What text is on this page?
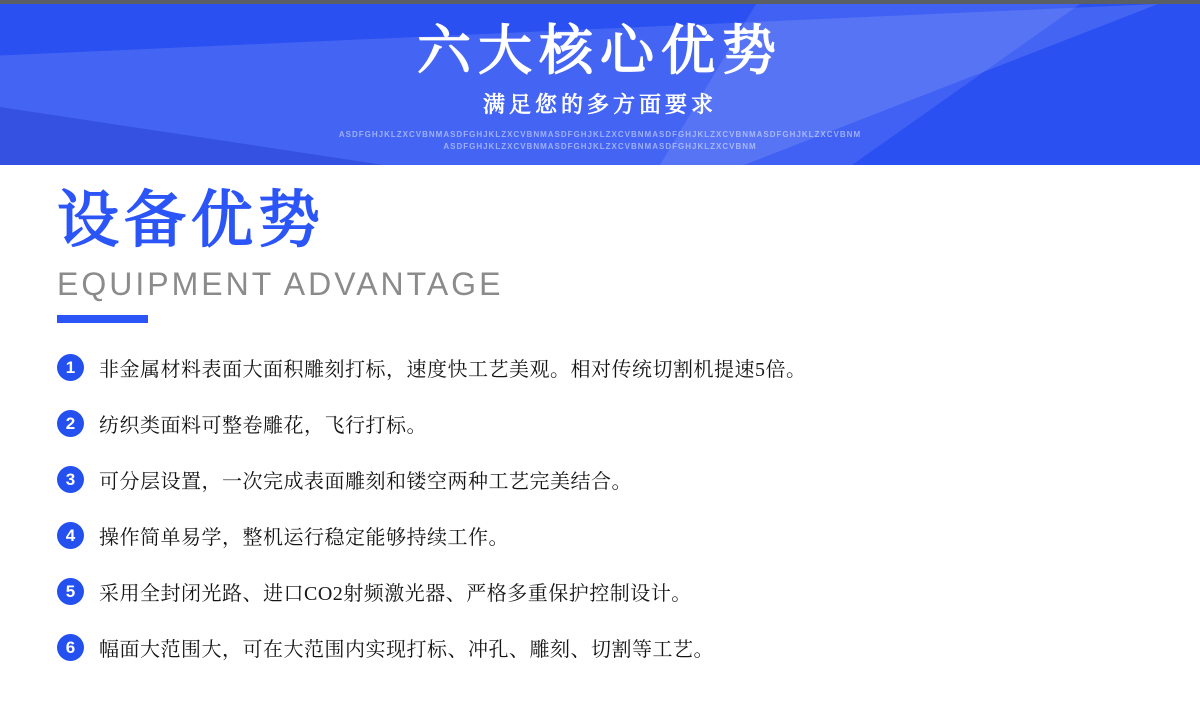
六大核心优势
满足您的多方面要求
ASDFGHJKLZXCVBNMASDFGHJKLZXCVBNMASDFGHJKLZXCVBNMASDFGHJKLZXCVBNMASDFGHJKLZXCVBNM
ASDFGHJKLZXCVBNMASDFGHJKLZXCVBNMASDFGHJKLZXCVBNM
设备优势
EQUIPMENT ADVANTAGE
1	非金属材料表面大面积雕刻打标，速度快工艺美观。相对传统切割机提速5倍。
2	纺织类面料可整卷雕花，飞行打标。
3	可分层设置，一次完成表面雕刻和镂空两种工艺完美结合。
4	操作简单易学，整机运行稳定能够持续工作。
5	采用全封闭光路、进口CO2射频激光器、严格多重保护控制设计。
6	幅面大范围大，可在大范围内实现打标、冲孔、雕刻、切割等工艺。
